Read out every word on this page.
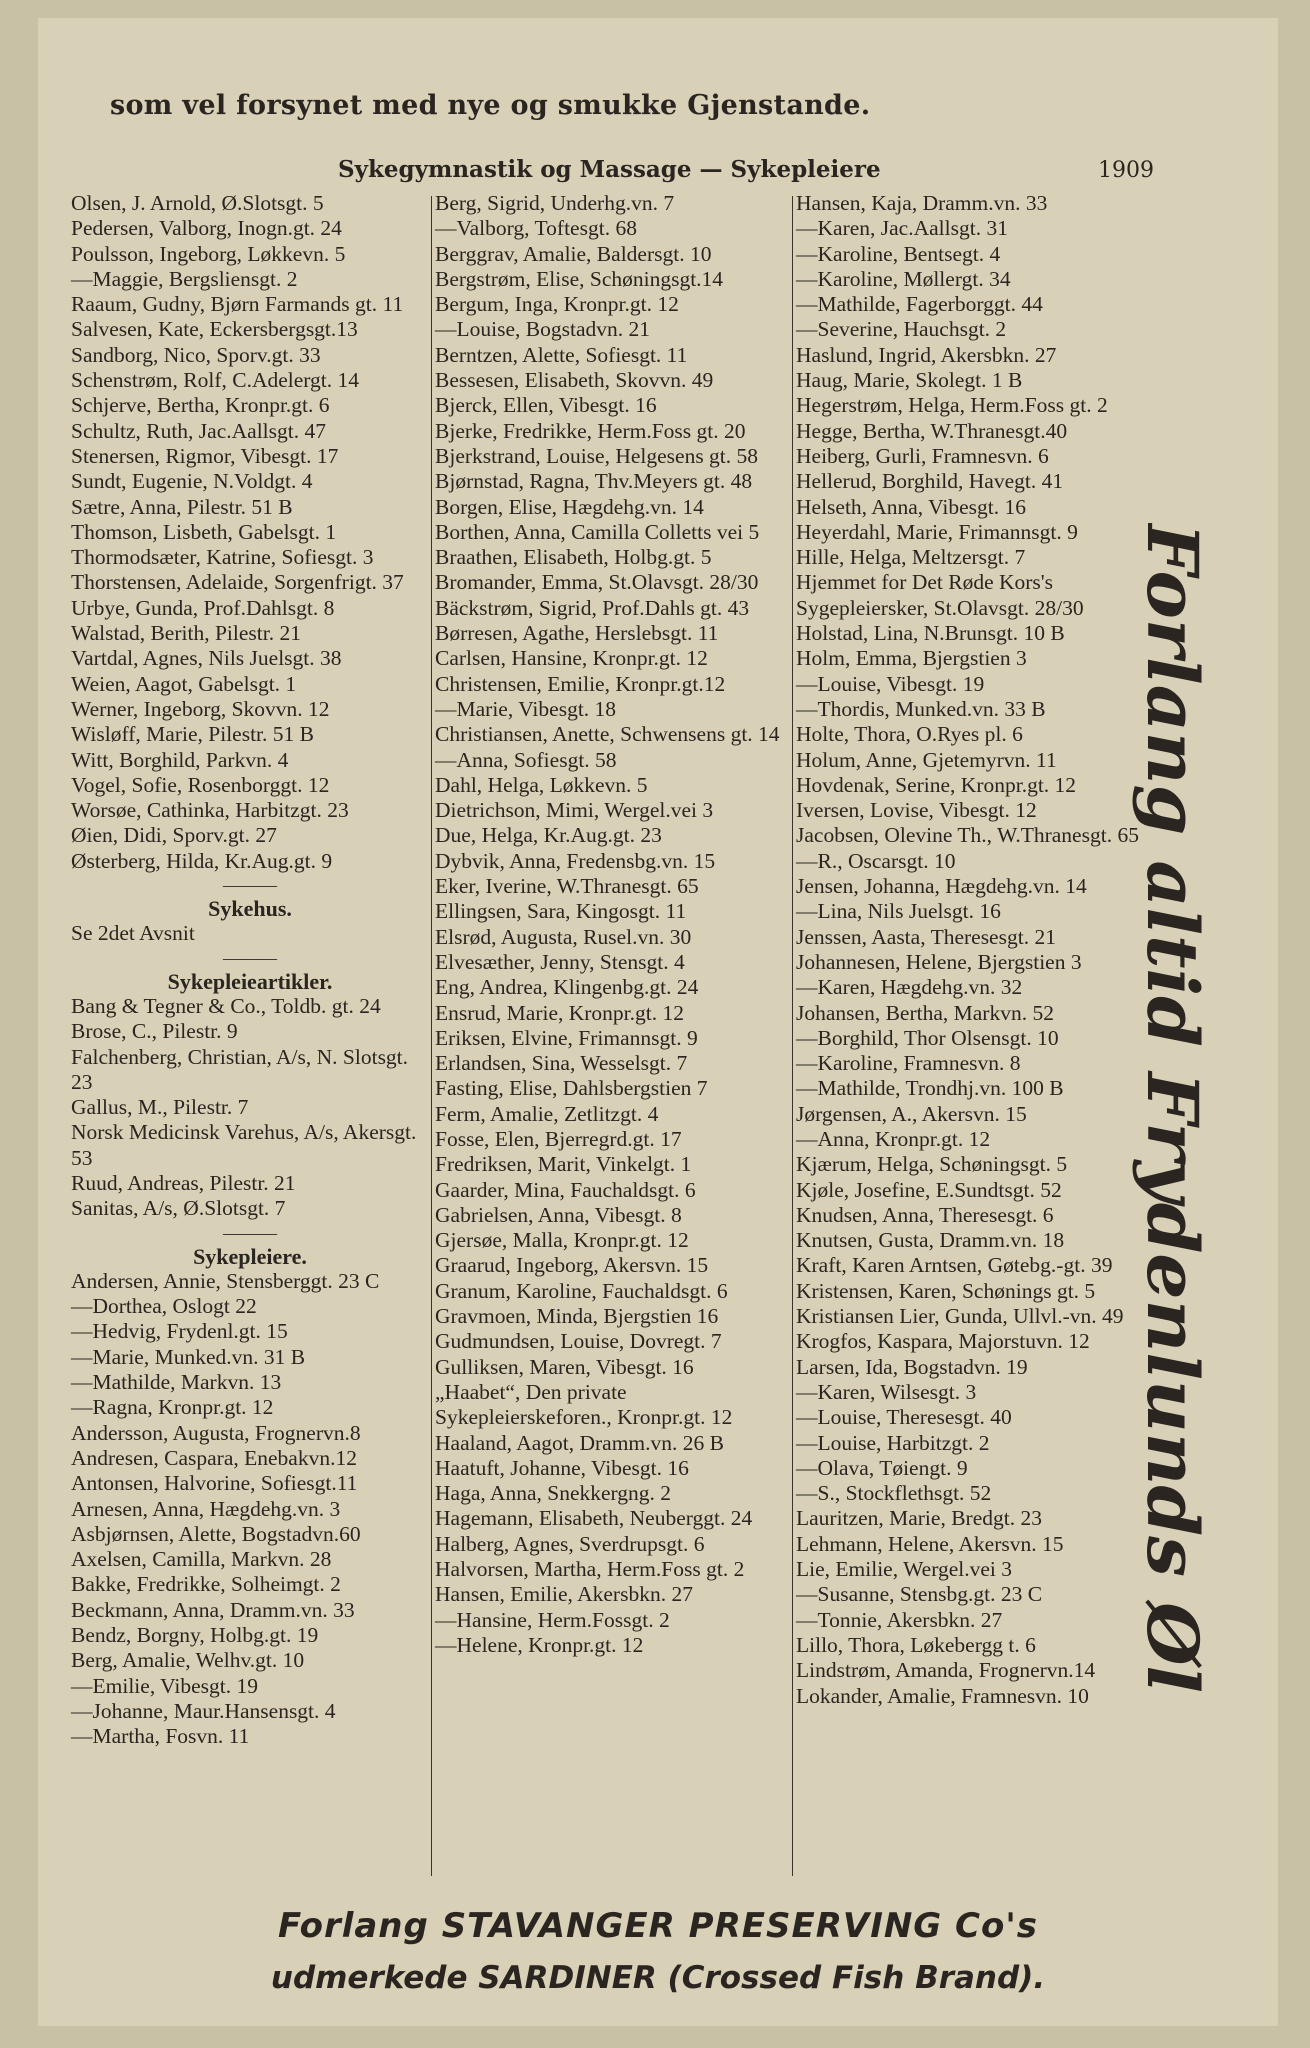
som vel forsynet med nye og smukke Gjenstande.
Sykegymnastik og Massage — Sykepleiere	1909
Olsen, J. Arnold, Ø.Slotsgt. 5
Pedersen, Valborg, Inogn.gt. 24
Poulsson, Ingeborg, Løkkevn. 5
—Maggie, Bergsliensgt. 2
Raaum, Gudny, Bjørn Farmands gt. 11
Salvesen, Kate, Eckersbergsgt.13
Sandborg, Nico, Sporv.gt. 33
Schenstrøm, Rolf, C.Adelergt. 14
Schjerve, Bertha, Kronpr.gt. 6
Schultz, Ruth, Jac.Aallsgt. 47
Stenersen, Rigmor, Vibesgt. 17
Sundt, Eugenie, N.Voldgt. 4
Sætre, Anna, Pilestr. 51 B
Thomson, Lisbeth, Gabelsgt. 1
Thormodsæter, Katrine, Sofiesgt. 3
Thorstensen, Adelaide, Sorgenfrigt. 37
Urbye, Gunda, Prof.Dahlsgt. 8
Walstad, Berith, Pilestr. 21
Vartdal, Agnes, Nils Juelsgt. 38
Weien, Aagot, Gabelsgt. 1
Werner, Ingeborg, Skovvn. 12
Wisløff, Marie, Pilestr. 51 B
Witt, Borghild, Parkvn. 4
Vogel, Sofie, Rosenborggt. 12
Worsøe, Cathinka, Harbitzgt. 23
Øien, Didi, Sporv.gt. 27
Østerberg, Hilda, Kr.Aug.gt. 9
———
Sykehus.
Se 2det Avsnit
———
Sykepleieartikler.
Bang & Tegner & Co., Toldb. gt. 24
Brose, C., Pilestr. 9
Falchenberg, Christian, A/s, N. Slotsgt. 23
Gallus, M., Pilestr. 7
Norsk Medicinsk Varehus, A/s, Akersgt. 53
Ruud, Andreas, Pilestr. 21
Sanitas, A/s, Ø.Slotsgt. 7
———
Sykepleiere.
Andersen, Annie, Stensberggt. 23 C
—Dorthea, Oslogt 22
—Hedvig, Frydenl.gt. 15
—Marie, Munked.vn. 31 B
—Mathilde, Markvn. 13
—Ragna, Kronpr.gt. 12
Andersson, Augusta, Frognervn.8
Andresen, Caspara, Enebakvn.12
Antonsen, Halvorine, Sofiesgt.11
Arnesen, Anna, Hægdehg.vn. 3
Asbjørnsen, Alette, Bogstadvn.60
Axelsen, Camilla, Markvn. 28
Bakke, Fredrikke, Solheimgt. 2
Beckmann, Anna, Dramm.vn. 33
Bendz, Borgny, Holbg.gt. 19
Berg, Amalie, Welhv.gt. 10
—Emilie, Vibesgt. 19
—Johanne, Maur.Hansensgt. 4
—Martha, Fosvn. 11
Berg, Sigrid, Underhg.vn. 7
—Valborg, Toftesgt. 68
Berggrav, Amalie, Baldersgt. 10
Bergstrøm, Elise, Schøningsgt.14
Bergum, Inga, Kronpr.gt. 12
—Louise, Bogstadvn. 21
Berntzen, Alette, Sofiesgt. 11
Bessesen, Elisabeth, Skovvn. 49
Bjerck, Ellen, Vibesgt. 16
Bjerke, Fredrikke, Herm.Foss gt. 20
Bjerkstrand, Louise, Helgesens gt. 58
Bjørnstad, Ragna, Thv.Meyers gt. 48
Borgen, Elise, Hægdehg.vn. 14
Borthen, Anna, Camilla Colletts vei 5
Braathen, Elisabeth, Holbg.gt. 5
Bromander, Emma, St.Olavsgt. 28/30
Bäckstrøm, Sigrid, Prof.Dahls gt. 43
Børresen, Agathe, Herslebsgt. 11
Carlsen, Hansine, Kronpr.gt. 12
Christensen, Emilie, Kronpr.gt.12
—Marie, Vibesgt. 18
Christiansen, Anette, Schwensens gt. 14
—Anna, Sofiesgt. 58
Dahl, Helga, Løkkevn. 5
Dietrichson, Mimi, Wergel.vei 3
Due, Helga, Kr.Aug.gt. 23
Dybvik, Anna, Fredensbg.vn. 15
Eker, Iverine, W.Thranesgt. 65
Ellingsen, Sara, Kingosgt. 11
Elsrød, Augusta, Rusel.vn. 30
Elvesæther, Jenny, Stensgt. 4
Eng, Andrea, Klingenbg.gt. 24
Ensrud, Marie, Kronpr.gt. 12
Eriksen, Elvine, Frimannsgt. 9
Erlandsen, Sina, Wesselsgt. 7
Fasting, Elise, Dahlsbergstien 7
Ferm, Amalie, Zetlitzgt. 4
Fosse, Elen, Bjerregrd.gt. 17
Fredriksen, Marit, Vinkelgt. 1
Gaarder, Mina, Fauchaldsgt. 6
Gabrielsen, Anna, Vibesgt. 8
Gjersøe, Malla, Kronpr.gt. 12
Graarud, Ingeborg, Akersvn. 15
Granum, Karoline, Fauchaldsgt. 6
Gravmoen, Minda, Bjergstien 16
Gudmundsen, Louise, Dovregt. 7
Gulliksen, Maren, Vibesgt. 16
„Haabet“, Den private Sykepleierskeforen., Kronpr.gt. 12
Haaland, Aagot, Dramm.vn. 26 B
Haatuft, Johanne, Vibesgt. 16
Haga, Anna, Snekkergng. 2
Hagemann, Elisabeth, Neuberggt. 24
Halberg, Agnes, Sverdrupsgt. 6
Halvorsen, Martha, Herm.Foss gt. 2
Hansen, Emilie, Akersbkn. 27
—Hansine, Herm.Fossgt. 2
—Helene, Kronpr.gt. 12
Hansen, Kaja, Dramm.vn. 33
—Karen, Jac.Aallsgt. 31
—Karoline, Bentsegt. 4
—Karoline, Møllergt. 34
—Mathilde, Fagerborggt. 44
—Severine, Hauchsgt. 2
Haslund, Ingrid, Akersbkn. 27
Haug, Marie, Skolegt. 1 B
Hegerstrøm, Helga, Herm.Foss gt. 2
Hegge, Bertha, W.Thranesgt.40
Heiberg, Gurli, Framnesvn. 6
Hellerud, Borghild, Havegt. 41
Helseth, Anna, Vibesgt. 16
Heyerdahl, Marie, Frimannsgt. 9
Hille, Helga, Meltzersgt. 7
Hjemmet for Det Røde Kors's Sygepleiersker, St.Olavsgt. 28/30
Holstad, Lina, N.Brunsgt. 10 B
Holm, Emma, Bjergstien 3
—Louise, Vibesgt. 19
—Thordis, Munked.vn. 33 B
Holte, Thora, O.Ryes pl. 6
Holum, Anne, Gjetemyrvn. 11
Hovdenak, Serine, Kronpr.gt. 12
Iversen, Lovise, Vibesgt. 12
Jacobsen, Olevine Th., W.Thranesgt. 65
—R., Oscarsgt. 10
Jensen, Johanna, Hægdehg.vn. 14
—Lina, Nils Juelsgt. 16
Jenssen, Aasta, Theresesgt. 21
Johannesen, Helene, Bjergstien 3
—Karen, Hægdehg.vn. 32
Johansen, Bertha, Markvn. 52
—Borghild, Thor Olsensgt. 10
—Karoline, Framnesvn. 8
—Mathilde, Trondhj.vn. 100 B
Jørgensen, A., Akersvn. 15
—Anna, Kronpr.gt. 12
Kjærum, Helga, Schøningsgt. 5
Kjøle, Josefine, E.Sundtsgt. 52
Knudsen, Anna, Theresesgt. 6
Knutsen, Gusta, Dramm.vn. 18
Kraft, Karen Arntsen, Gøtebg.-gt. 39
Kristensen, Karen, Schønings gt. 5
Kristiansen Lier, Gunda, Ullvl.-vn. 49
Krogfos, Kaspara, Majorstuvn. 12
Larsen, Ida, Bogstadvn. 19
—Karen, Wilsesgt. 3
—Louise, Theresesgt. 40
—Louise, Harbitzgt. 2
—Olava, Tøiengt. 9
—S., Stockflethsgt. 52
Lauritzen, Marie, Bredgt. 23
Lehmann, Helene, Akersvn. 15
Lie, Emilie, Wergel.vei 3
—Susanne, Stensbg.gt. 23 C
—Tonnie, Akersbkn. 27
Lillo, Thora, Løkebergg t. 6
Lindstrøm, Amanda, Frognervn.14
Lokander, Amalie, Framnesvn. 10
Forlang altid Frydenlunds Øl
Forlang STAVANGER PRESERVING Co's
udmerkede SARDINER (Crossed Fish Brand).
